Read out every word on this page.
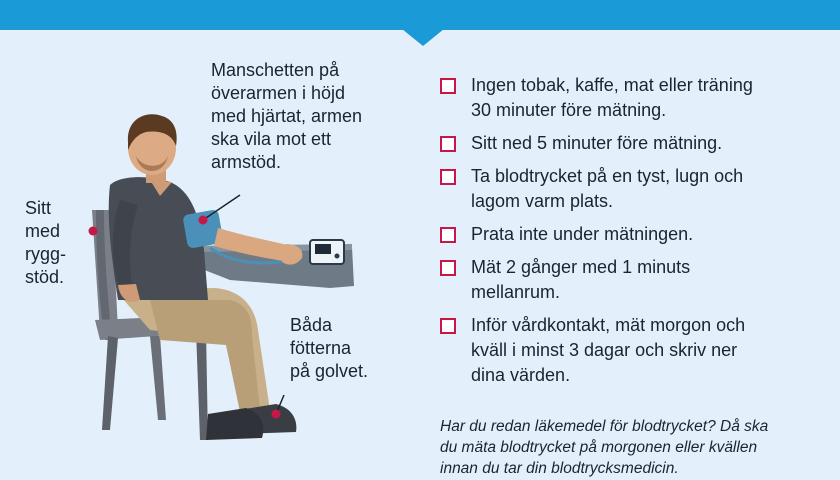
Manschetten på
överarmen i höjd
med hjärtat, armen
ska vila mot ett
armstöd.
Sitt
med
rygg-
stöd.
Båda
fötterna
på golvet.
Ingen tobak, kaffe, mat eller träning
30 minuter före mätning.
Sitt ned 5 minuter före mätning.
Ta blodtrycket på en tyst, lugn och
lagom varm plats.
Prata inte under mätningen.
Mät 2 gånger med 1 minuts
mellanrum.
Inför vårdkontakt, mät morgon och
kväll i minst 3 dagar och skriv ner
dina värden.

Har du redan läkemedel för blodtrycket? Då ska
du mäta blodtrycket på morgonen eller kvällen
innan du tar din blodtrycksmedicin.
